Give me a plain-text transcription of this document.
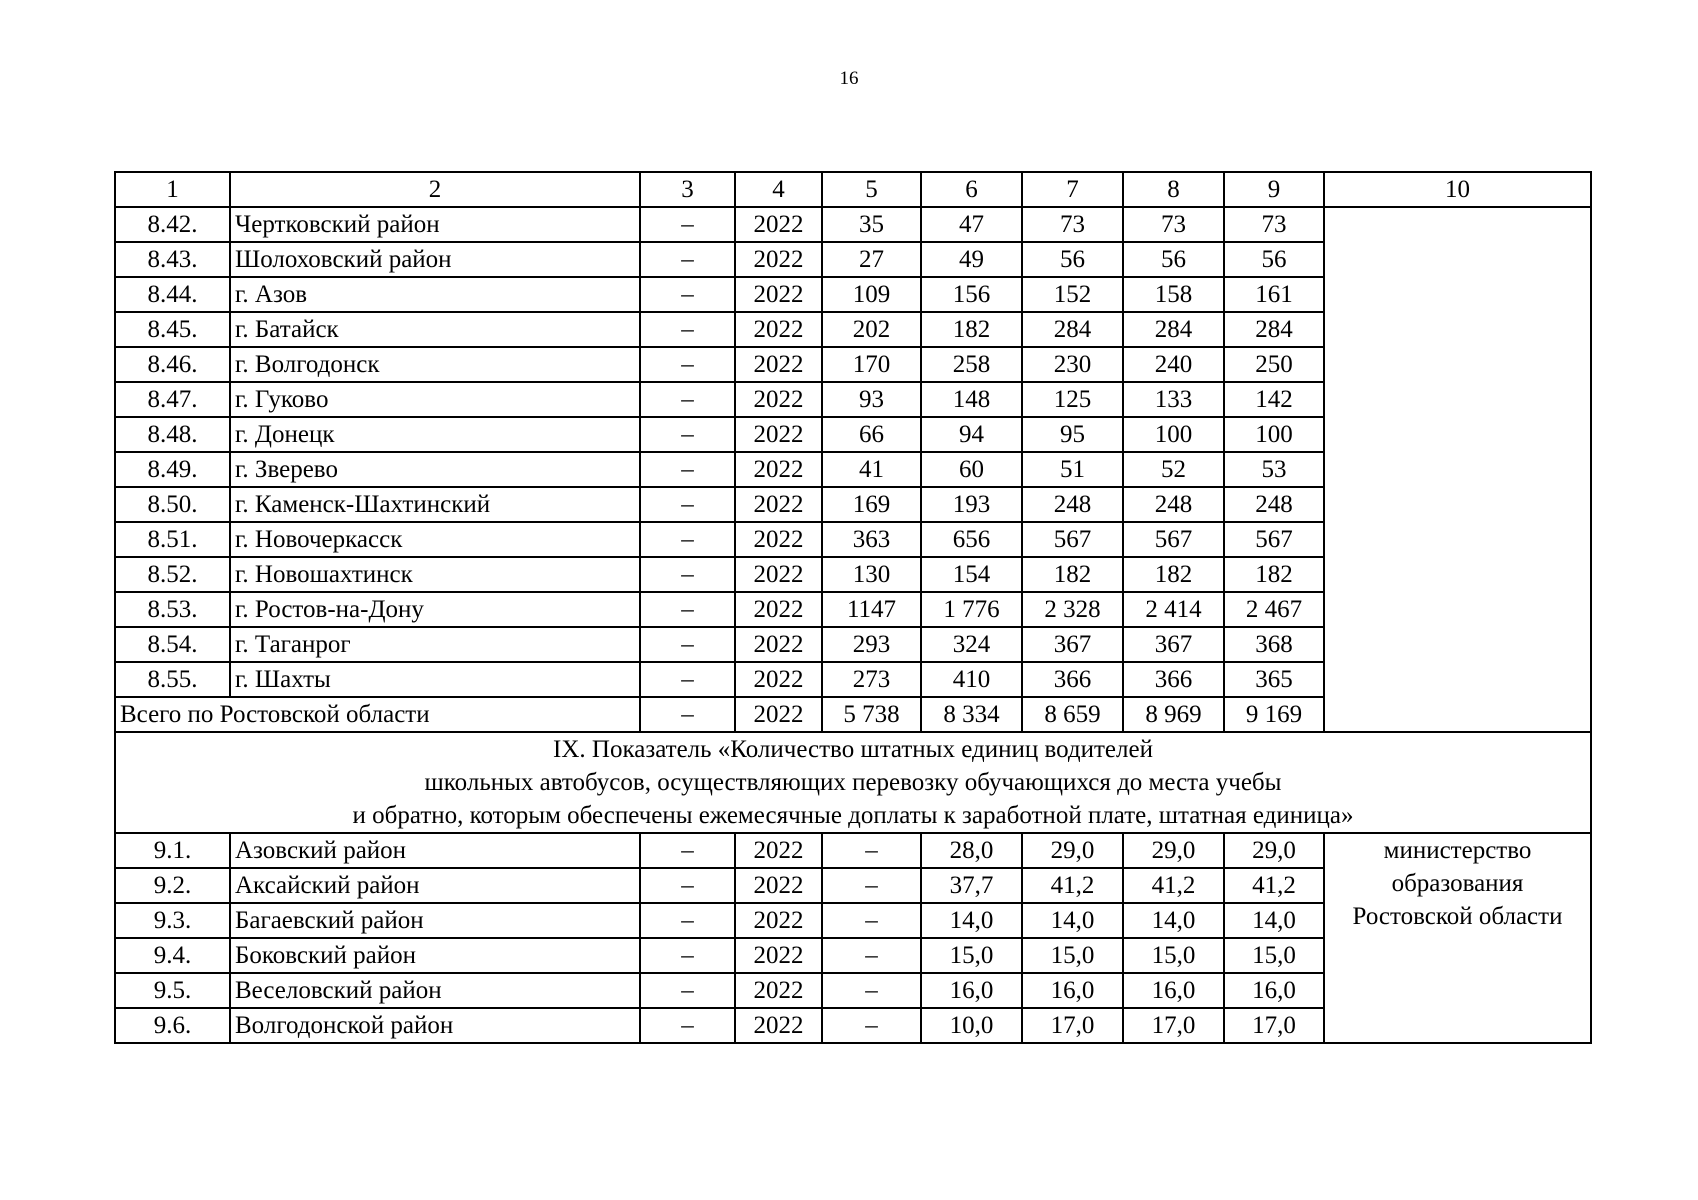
16
1	2	3	4	5	6	7	8	9	10
8.42.	Чертковский район	–	2022	35	47	73	73	73	
8.43.	Шолоховский район	–	2022	27	49	56	56	56	
8.44.	г. Азов	–	2022	109	156	152	158	161	
8.45.	г. Батайск	–	2022	202	182	284	284	284	
8.46.	г. Волгодонск	–	2022	170	258	230	240	250	
8.47.	г. Гуково	–	2022	93	148	125	133	142	
8.48.	г. Донецк	–	2022	66	94	95	100	100	
8.49.	г. Зверево	–	2022	41	60	51	52	53	
8.50.	г. Каменск-Шахтинский	–	2022	169	193	248	248	248	
8.51.	г. Новочеркасск	–	2022	363	656	567	567	567	
8.52.	г. Новошахтинск	–	2022	130	154	182	182	182	
8.53.	г. Ростов-на-Дону	–	2022	1147	1 776	2 328	2 414	2 467	
8.54.	г. Таганрог	–	2022	293	324	367	367	368	
8.55.	г. Шахты	–	2022	273	410	366	366	365	
Всего по Ростовской области		–	2022	5 738	8 334	8 659	8 969	9 169	

IX. Показатель «Количество штатных единиц водителей
школьных автобусов, осуществляющих перевозку обучающихся до места учебы
и обратно, которым обеспечены ежемесячные доплаты к заработной плате, штатная единица»									

9.1.	Азовский район	–	2022	–	28,0	29,0	29,0	29,0	министерство
образования
Ростовской области

9.2.	Аксайский район	–	2022	–	37,7	41,2	41,2	41,2	
9.3.	Багаевский район	–	2022	–	14,0	14,0	14,0	14,0	
9.4.	Боковский район	–	2022	–	15,0	15,0	15,0	15,0	
9.5.	Веселовский район	–	2022	–	16,0	16,0	16,0	16,0	
9.6.	Волгодонской район	–	2022	–	10,0	17,0	17,0	17,0	
